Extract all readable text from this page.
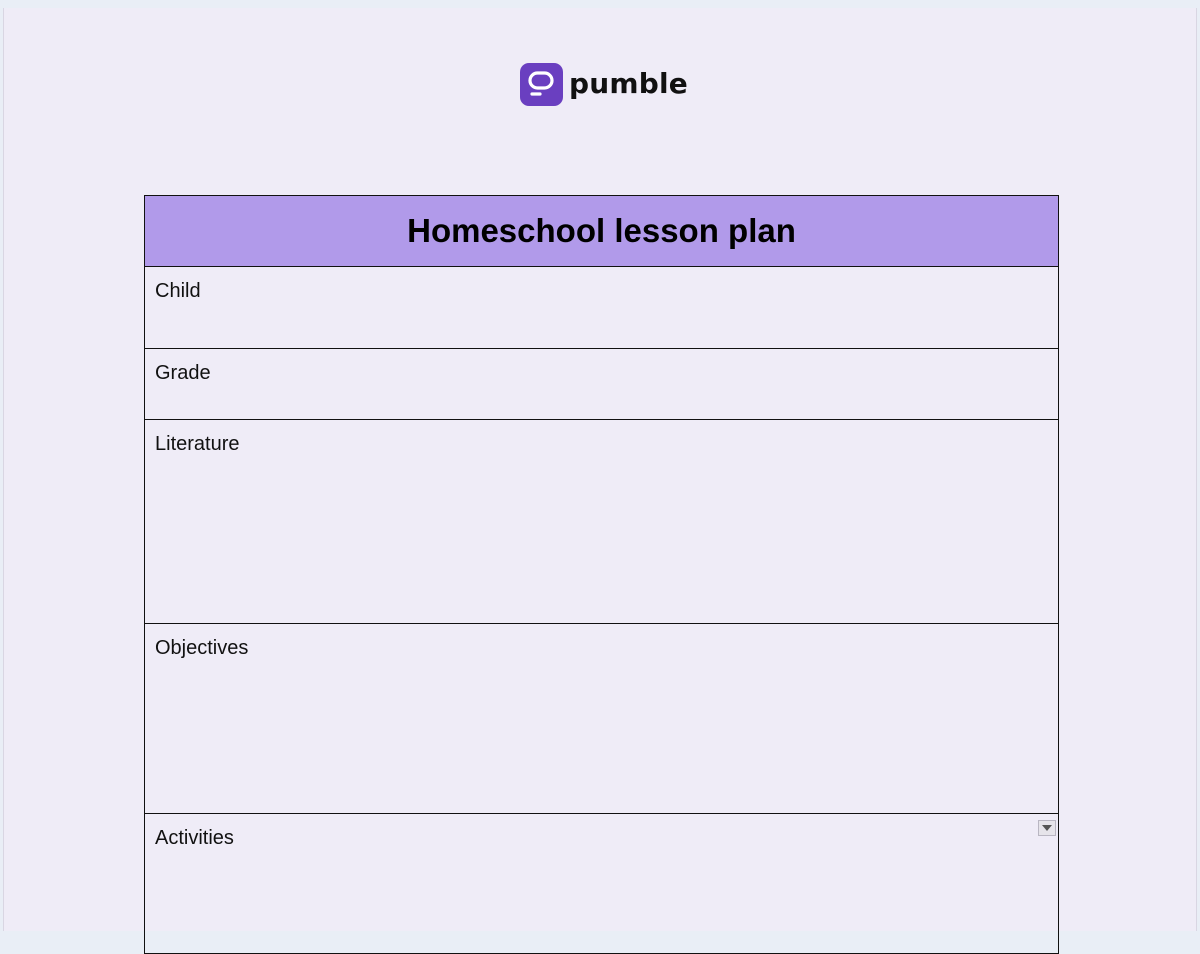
pumble
Homeschool lesson plan

Child

Grade

Literature

Objectives

Activities
